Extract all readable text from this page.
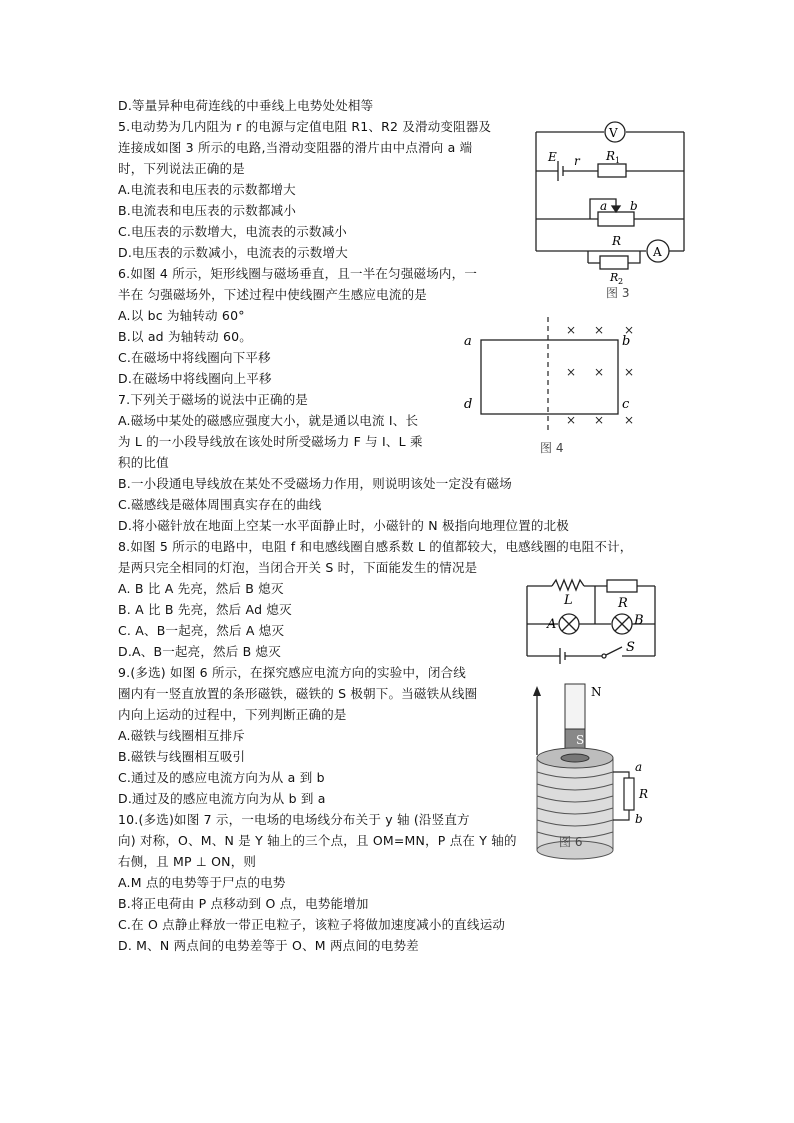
D.等量异种电荷连线的中垂线上电势处处相等
5.电动势为几内阻为 r 的电源与定值电阻 R1、R2 及滑动变阻器及
连接成如图 3 所示的电路,当滑动变阻器的滑片由中点滑向 a 端
时，下列说法正确的是
A.电流表和电压表的示数都增大
B.电流表和电压表的示数都减小
C.电压表的示数增大，电流表的示数减小
D.电压表的示数减小，电流表的示数增大
6.如图 4 所示，矩形线圈与磁场垂直，且一半在匀强磁场内，一
半在 匀强磁场外，下述过程中使线圈产生感应电流的是
A.以 bc 为轴转动 60°
B.以 ad 为轴转动 60。
C.在磁场中将线圈向下平移
D.在磁场中将线圈向上平移
7.下列关于磁场的说法中正确的是
A.磁场中某处的磁感应强度大小，就是通以电流 I、长
为 L 的一小段导线放在该处时所受磁场力 F 与 I、L 乘
积的比值
B.一小段通电导线放在某处不受磁场力作用，则说明该处一定没有磁场
C.磁感线是磁体周围真实存在的曲线
D.将小磁针放在地面上空某一水平面静止时，小磁针的 N 极指向地理位置的北极
8.如图 5 所示的电路中，电阻 f 和电感线圈自感系数 L 的值都较大，电感线圈的电阻不计，
是两只完全相同的灯泡，当闭合开关 S 时，下面能发生的情况是
A. B 比 A 先亮，然后 B 熄灭
B. A 比 B 先亮，然后 Ad 熄灭
C. A、B一起亮，然后 A 熄灭
D.A、B一起亮，然后 B 熄灭
9.(多选) 如图 6 所示，在探究感应电流方向的实验中，闭合线
圈内有一竖直放置的条形磁铁，磁铁的 S 极朝下。当磁铁从线圈
内向上运动的过程中，下列判断正确的是
A.磁铁与线圈相互排斥
B.磁铁与线圈相互吸引
C.通过及的感应电流方向为从 a 到 b
D.通过及的感应电流方向为从 b 到 a
10.(多选)如图 7 示，一电场的电场线分布关于 y 轴 (沿竖直方
向) 对称，O、M、N 是 Y 轴上的三个点，且 OM=MN，P 点在 Y 轴的
右侧，且 MP ⊥ ON，则
A.M 点的电势等于尸点的电势
B.将正电荷由 P 点移动到 O 点，电势能增加
C.在 O 点静止释放一带正电粒子，该粒子将做加速度减小的直线运动
D. M、N 两点间的电势差等于 O、M 两点间的电势差
V
E r R 1
a b
R
A
R 2
图 3
× × ×
× × ×
× × ×
a	b
c
d
图 4
L	R
A	B
S
N
S
a
R
b
图 6
